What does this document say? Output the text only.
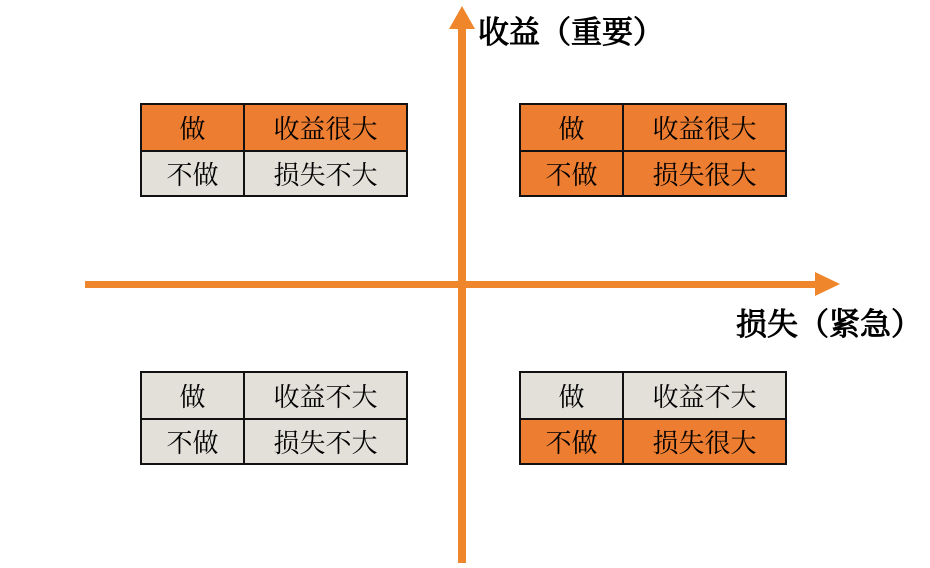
收益（重要）
损失（紧急）
做	收益很大
不做	损失不大
做	收益很大
不做	损失很大
做	收益不大
不做	损失不大
做	收益不大
不做	损失很大
